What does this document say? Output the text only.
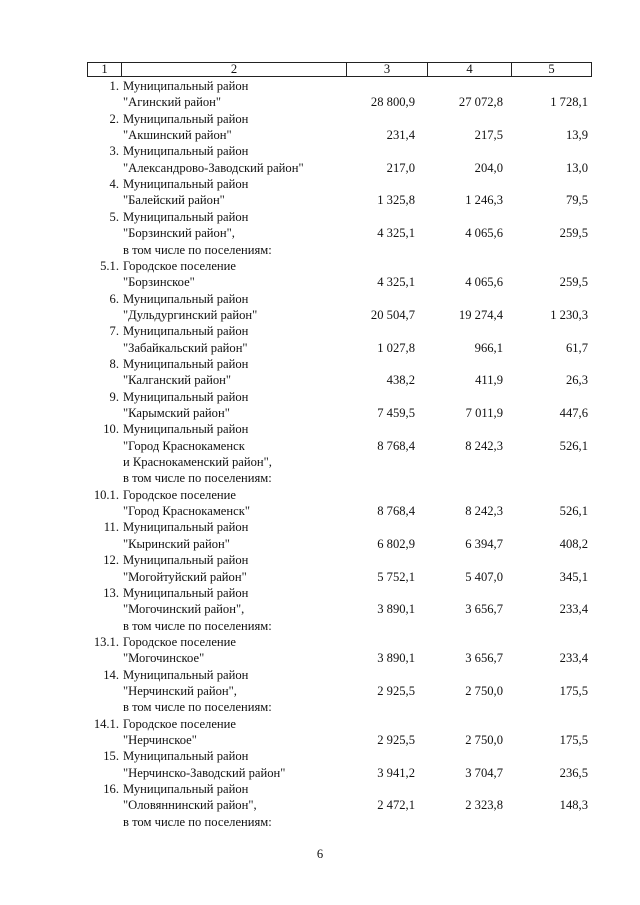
1	2	3	4	5
1. Муниципальный район
"Агинский район"	28 800,9	27 072,8	1 728,1
2. Муниципальный район
"Акшинский район"	231,4	217,5	13,9
3. Муниципальный район
"Александрово-Заводский район"	217,0	204,0	13,0
4. Муниципальный район
"Балейский район"	1 325,8	1 246,3	79,5
5. Муниципальный район
"Борзинский район",
в том числе по поселениям:
4 325,1	4 065,6	259,5
5.1. Городское поселение
"Борзинское"	4 325,1	4 065,6	259,5
6. Муниципальный район
"Дульдургинский район"	20 504,7	19 274,4	1 230,3
7. Муниципальный район
"Забайкальский район"	1 027,8	966,1	61,7
8. Муниципальный район
"Калганский район"	438,2	411,9	26,3
9. Муниципальный район
"Карымский район"	7 459,5	7 011,9	447,6
10. Муниципальный район
"Город Краснокаменск
и Краснокаменский район",
в том числе по поселениям:
8 768,4	8 242,3	526,1
10.1. Городское поселение
"Город Краснокаменск"	8 768,4	8 242,3	526,1
11. Муниципальный район
"Кыринский район"	6 802,9	6 394,7	408,2
12. Муниципальный район
"Могойтуйский район"	5 752,1	5 407,0	345,1
13. Муниципальный район
"Могочинский район",
в том числе по поселениям:
3 890,1	3 656,7	233,4
13.1. Городское поселение
"Могочинское"	3 890,1	3 656,7	233,4
14. Муниципальный район
"Нерчинский район",
в том числе по поселениям:
2 925,5	2 750,0	175,5
14.1. Городское поселение
"Нерчинское"	2 925,5	2 750,0	175,5
15. Муниципальный район
"Нерчинско-Заводский район"	3 941,2	3 704,7	236,5
16. Муниципальный район
"Оловяннинский район",
в том числе по поселениям:
2 472,1	2 323,8	148,3
6
